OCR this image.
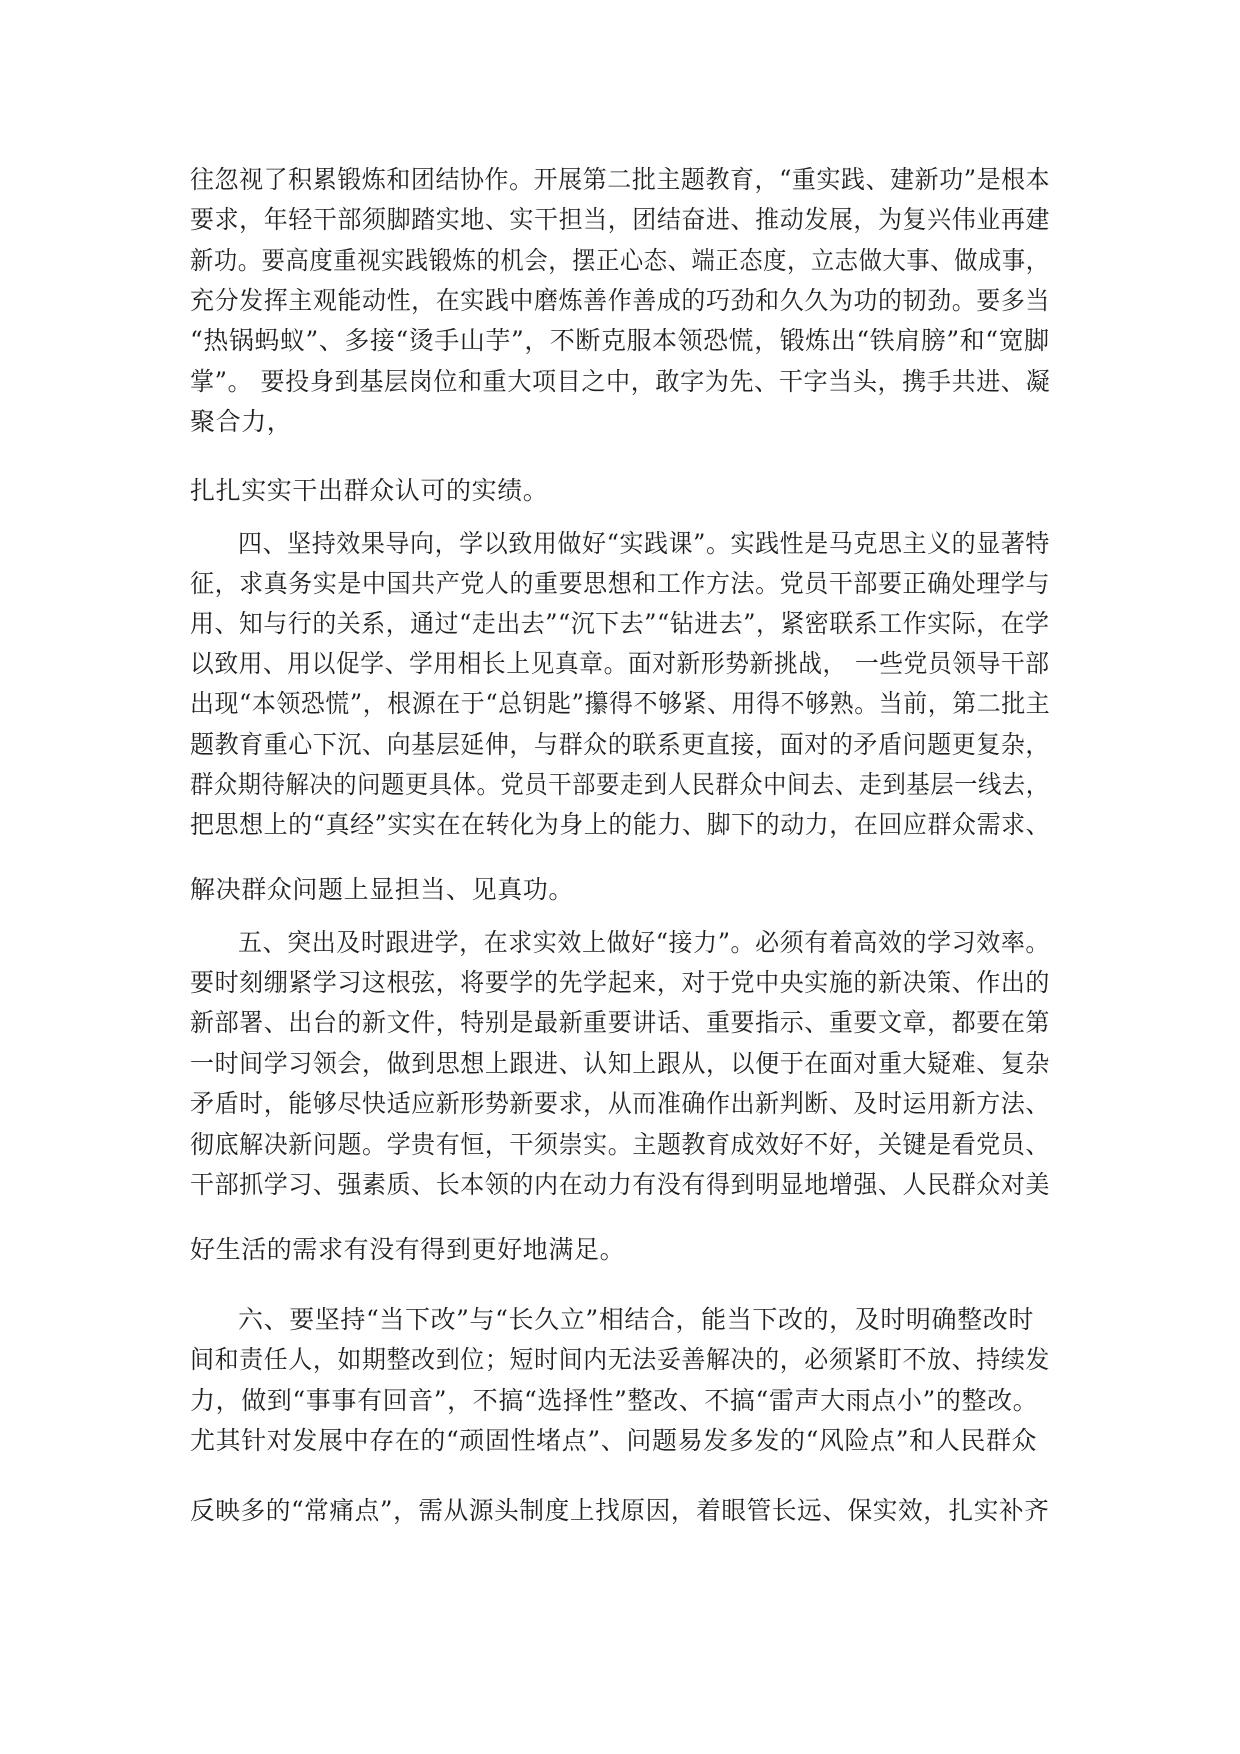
往忽视了积累锻炼和团结协作。开展第二批主题教育，“重实践、建新功”是根本
要求，年轻干部须脚踏实地、实干担当，团结奋进、推动发展，为复兴伟业再建
新功。要高度重视实践锻炼的机会，摆正心态、端正态度，立志做大事、做成事，
充分发挥主观能动性，在实践中磨炼善作善成的巧劲和久久为功的韧劲。要多当
“热锅蚂蚁”、多接“烫手山芋”，不断克服本领恐慌，锻炼出“铁肩膀”和“宽脚
掌”。 要投身到基层岗位和重大项目之中，敢字为先、干字当头，携手共进、凝
聚合力，
扎扎实实干出群众认可的实绩。
四、坚持效果导向，学以致用做好“实践课”。实践性是马克思主义的显著特
征，求真务实是中国共产党人的重要思想和工作方法。党员干部要正确处理学与
用、知与行的关系，通过“走出去”“沉下去”“钻进去”，紧密联系工作实际，在学
以致用、用以促学、学用相长上见真章。面对新形势新挑战， 一些党员领导干部
出现“本领恐慌”，根源在于“总钥匙”攥得不够紧、用得不够熟。当前，第二批主
题教育重心下沉、向基层延伸，与群众的联系更直接，面对的矛盾问题更复杂，
群众期待解决的问题更具体。党员干部要走到人民群众中间去、走到基层一线去，
把思想上的“真经”实实在在转化为身上的能力、脚下的动力，在回应群众需求、
解决群众问题上显担当、见真功。
五、突出及时跟进学，在求实效上做好“接力”。必须有着高效的学习效率。
要时刻绷紧学习这根弦，将要学的先学起来，对于党中央实施的新决策、作出的
新部署、出台的新文件，特别是最新重要讲话、重要指示、重要文章，都要在第
一时间学习领会，做到思想上跟进、认知上跟从，以便于在面对重大疑难、复杂
矛盾时，能够尽快适应新形势新要求，从而准确作出新判断、及时运用新方法、
彻底解决新问题。学贵有恒，干须崇实。主题教育成效好不好，关键是看党员、
干部抓学习、强素质、长本领的内在动力有没有得到明显地增强、人民群众对美
好生活的需求有没有得到更好地满足。
六、要坚持“当下改”与“长久立”相结合，能当下改的，及时明确整改时
间和责任人，如期整改到位；短时间内无法妥善解决的，必须紧盯不放、持续发
力，做到“事事有回音”，不搞“选择性”整改、不搞“雷声大雨点小”的整改。
尤其针对发展中存在的“顽固性堵点”、问题易发多发的“风险点”和人民群众
反映多的“常痛点”，需从源头制度上找原因，着眼管长远、保实效，扎实补齐
